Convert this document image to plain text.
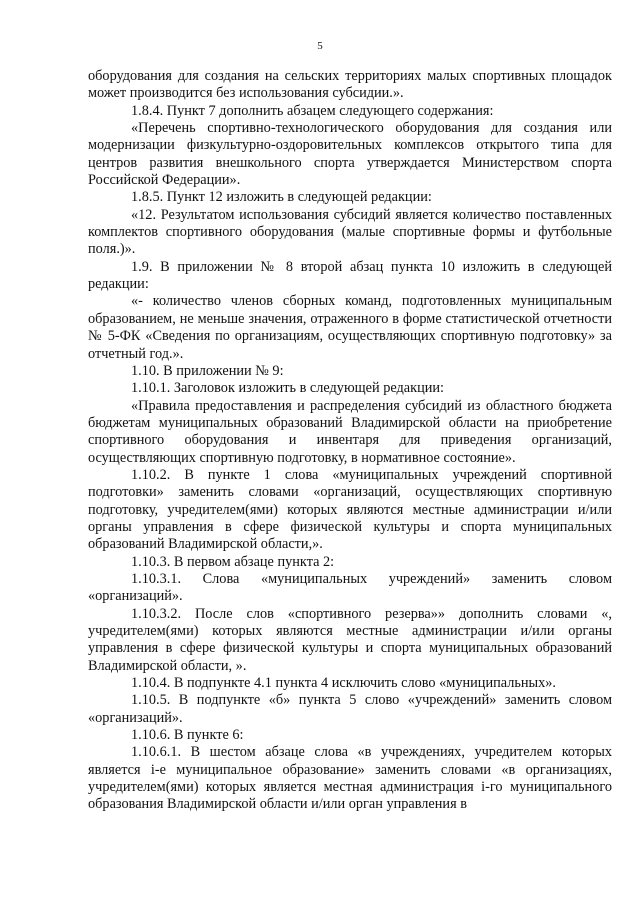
5

оборудования для создания на сельских территориях малых спортивных площадок может производится без использования субсидии.».

1.8.4. Пункт 7 дополнить абзацем следующего содержания:

«Перечень спортивно-технологического оборудования для создания или модернизации физкультурно-оздоровительных комплексов открытого типа для центров развития внешкольного спорта утверждается Министерством спорта Российской Федерации».

1.8.5. Пункт 12 изложить в следующей редакции:

«12. Результатом использования субсидий является количество поставленных комплектов спортивного оборудования (малые спортивные формы и футбольные поля.)».

1.9. В приложении № 8 второй абзац пункта 10 изложить в следующей редакции:

«- количество членов сборных команд, подготовленных муниципальным образованием, не меньше значения, отраженного в форме статистической отчетности № 5-ФК «Сведения по организациям, осуществляющих спортивную подготовку» за отчетный год.».

1.10. В приложении № 9:

1.10.1. Заголовок изложить в следующей редакции:

«Правила предоставления и распределения субсидий из областного бюджета бюджетам муниципальных образований Владимирской области на приобретение спортивного оборудования и инвентаря для приведения организаций, осуществляющих спортивную подготовку, в нормативное состояние».

1.10.2. В пункте 1 слова «муниципальных учреждений спортивной подготовки» заменить словами «организаций, осуществляющих спортивную подготовку, учредителем(ями) которых являются местные администрации и/или органы управления в сфере физической культуры и спорта муниципальных образований Владимирской области,».

1.10.3. В первом абзаце пункта 2:

1.10.3.1. Слова «муниципальных учреждений» заменить словом «организаций».

1.10.3.2. После слов «спортивного резерва»» дополнить словами «, учредителем(ями) которых являются местные администрации и/или органы управления в сфере физической культуры и спорта муниципальных образований Владимирской области, ».

1.10.4. В подпункте 4.1 пункта 4 исключить слово «муниципальных».

1.10.5. В подпункте «б» пункта 5 слово «учреждений» заменить словом «организаций».

1.10.6. В пункте 6:

1.10.6.1. В шестом абзаце слова «в учреждениях, учредителем которых является i-е муниципальное образование» заменить словами «в организациях, учредителем(ями) которых является местная администрация i-го муниципального образования Владимирской области и/или орган управления в
